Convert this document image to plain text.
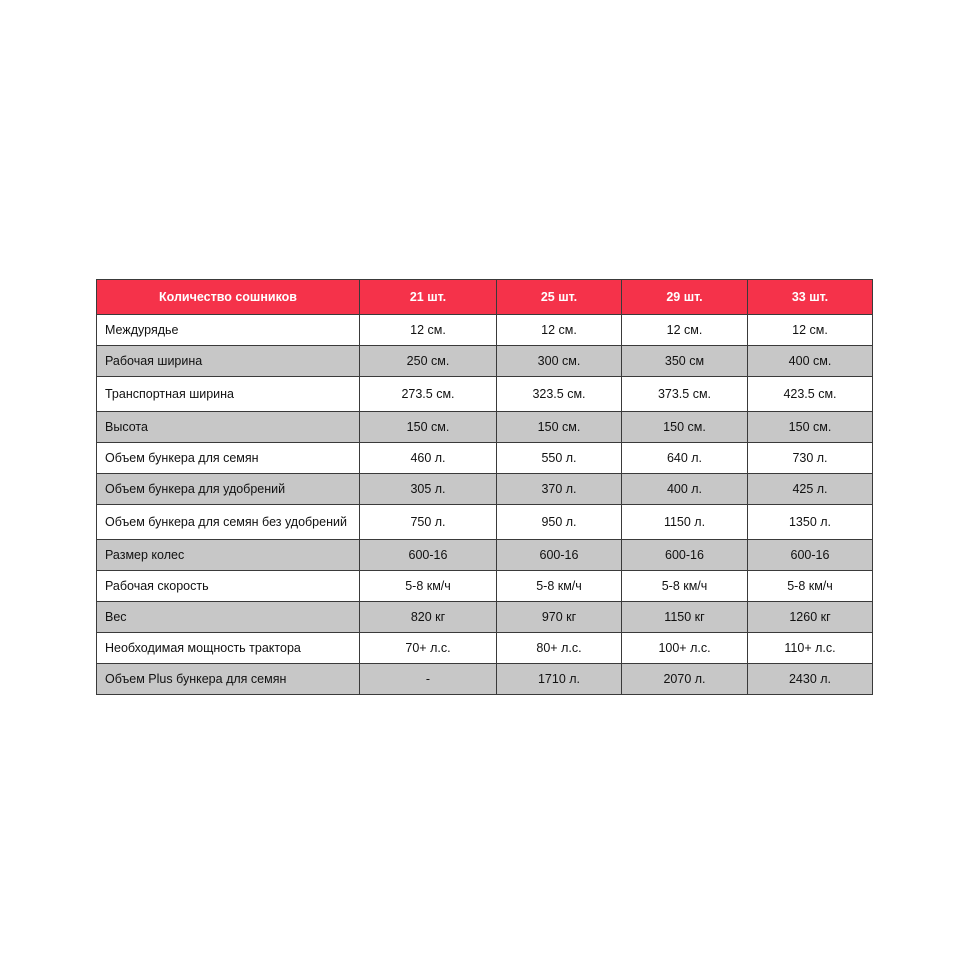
Количество сошников	21 шт.	25 шт.	29 шт.	33 шт.
Междурядье	12 см.	12 см.	12 см.	12 см.
Рабочая ширина	250 см.	300 см.	350 см	400 см.
Транспортная ширина	273.5 см.	323.5 см.	373.5 см.	423.5 см.
Высота	150 см.	150 см.	150 см.	150 см.
Объем бункера для семян	460 л.	550 л.	640 л.	730 л.
Объем бункера для удобрений	305 л.	370 л.	400 л.	425 л.
Объем бункера для семян без удобрений	750 л.	950 л.	1150 л.	1350 л.
Размер колес	600-16	600-16	600-16	600-16
Рабочая скорость	5-8 км/ч	5-8 км/ч	5-8 км/ч	5-8 км/ч
Вес	820 кг	970 кг	1150 кг	1260 кг
Необходимая мощность трактора	70+ л.с.	80+ л.с.	100+ л.с.	110+ л.с.
Объем Plus бункера для семян	-	1710 л.	2070 л.	2430 л.
